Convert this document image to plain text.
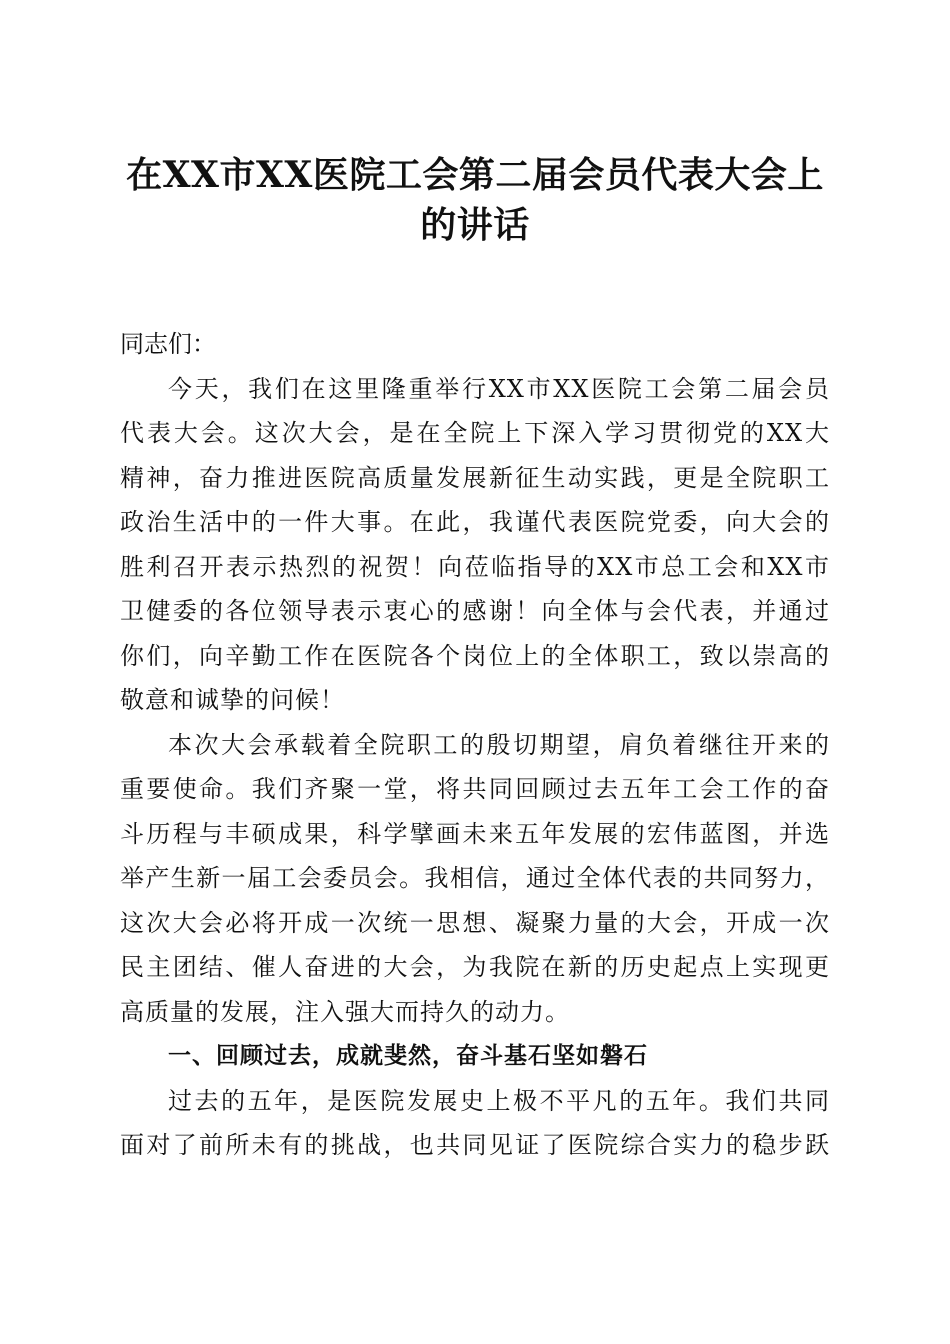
在XX市XX医院工会第二届会员代表大会上
的讲话

同志们：

今天，我们在这里隆重举行XX市XX医院工会第二届会员
代表大会。这次大会，是在全院上下深入学习贯彻党的XX大
精神，奋力推进医院高质量发展新征生动实践，更是全院职工
政治生活中的一件大事。在此，我谨代表医院党委，向大会的
胜利召开表示热烈的祝贺！向莅临指导的XX市总工会和XX市
卫健委的各位领导表示衷心的感谢！向全体与会代表，并通过
你们，向辛勤工作在医院各个岗位上的全体职工，致以崇高的
敬意和诚挚的问候！

本次大会承载着全院职工的殷切期望，肩负着继往开来的
重要使命。我们齐聚一堂，将共同回顾过去五年工会工作的奋
斗历程与丰硕成果，科学擘画未来五年发展的宏伟蓝图，并选
举产生新一届工会委员会。我相信，通过全体代表的共同努力，
这次大会必将开成一次统一思想、凝聚力量的大会，开成一次
民主团结、催人奋进的大会，为我院在新的历史起点上实现更
高质量的发展，注入强大而持久的动力。

一、回顾过去，成就斐然，奋斗基石坚如磐石

过去的五年，是医院发展史上极不平凡的五年。我们共同
面对了前所未有的挑战，也共同见证了医院综合实力的稳步跃
